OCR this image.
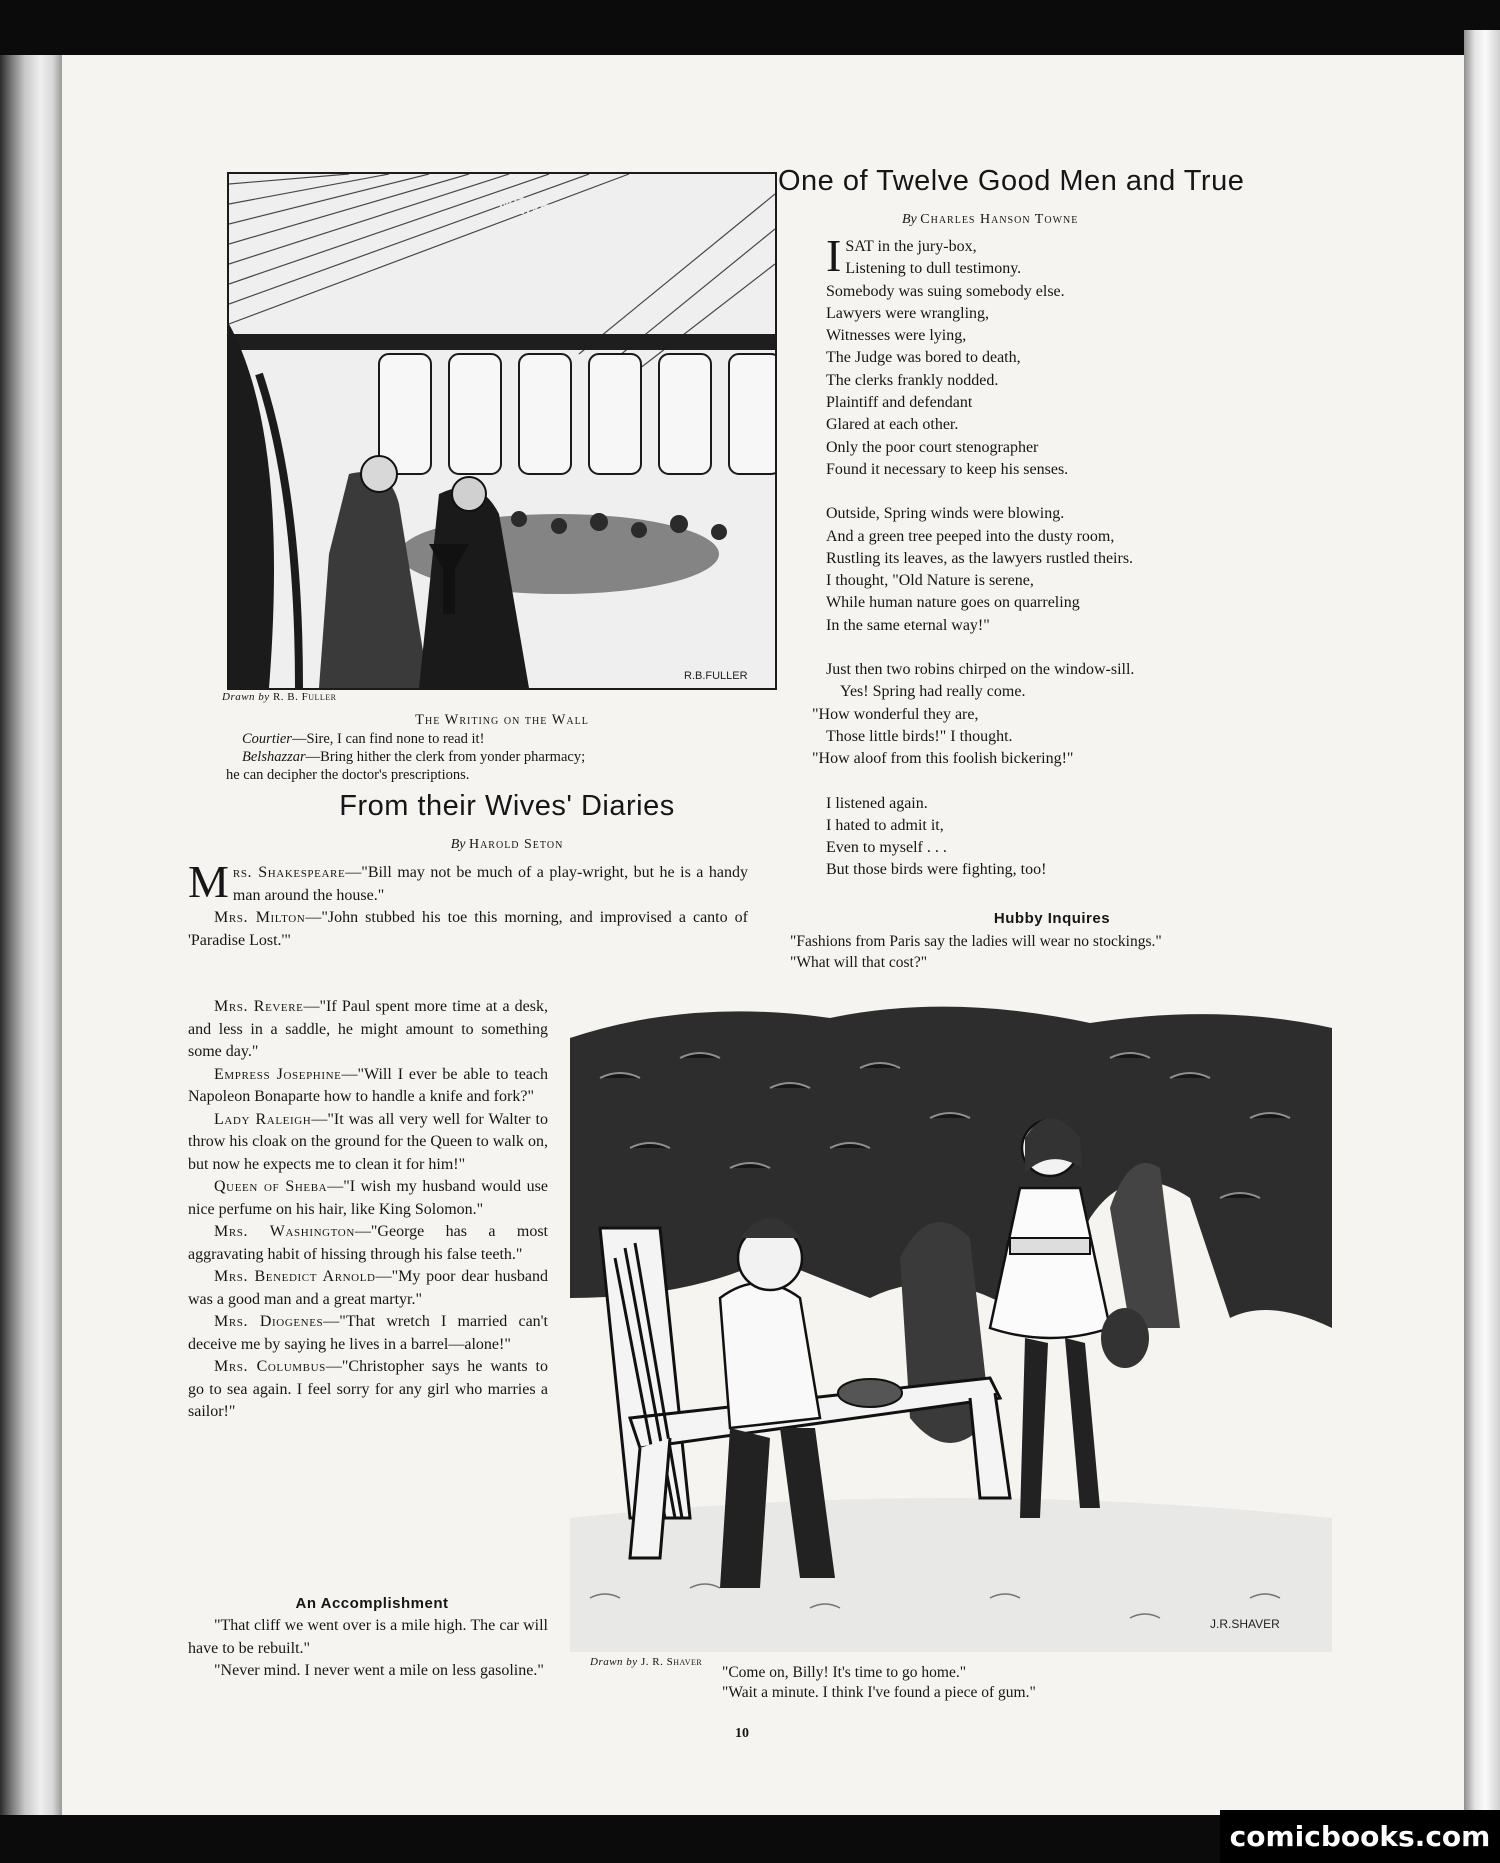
MENE
MENE
TEKEL
R.B.FULLER
Drawn by R. B. Fuller
The Writing on the Wall
Courtier—Sire, I can find none to read it!
Belshazzar—Bring hither the clerk from yonder pharmacy;
he can decipher the doctor's prescriptions.
One of Twelve Good Men and True
By Charles Hanson Towne
ISAT in the jury-box,
Listening to dull testimony.
Somebody was suing somebody else.
Lawyers were wrangling,
Witnesses were lying,
The Judge was bored to death,
The clerks frankly nodded.
Plaintiff and defendant
Glared at each other.
Only the poor court stenographer
Found it necessary to keep his senses.
Outside, Spring winds were blowing.
And a green tree peeped into the dusty room,
Rustling its leaves, as the lawyers rustled theirs.
I thought, "Old Nature is serene,
While human nature goes on quarreling
In the same eternal way!"
Just then two robins chirped on the window-sill.
Yes! Spring had really come.
"How wonderful they are,
Those little birds!" I thought.
"How aloof from this foolish bickering!"
I listened again.
I hated to admit it,
Even to myself . . .
But those birds were fighting, too!
Hubby Inquires
"Fashions from Paris say the ladies will wear no stockings."
"What will that cost?"
From their Wives' Diaries
By Harold Seton

Mrs. Shakespeare—"Bill may not be much of a play-wright, but he is a handy man around the house."

Mrs. Milton—"John stubbed his toe this morning, and improvised a canto of 'Paradise Lost.'"

Mrs. Revere—"If Paul spent more time at a desk, and less in a saddle, he might amount to something some day."

Empress Josephine—"Will I ever be able to teach Napoleon Bonaparte how to handle a knife and fork?"

Lady Raleigh—"It was all very well for Walter to throw his cloak on the ground for the Queen to walk on, but now he expects me to clean it for him!"

Queen of Sheba—"I wish my husband would use nice perfume on his hair, like King Solomon."

Mrs. Washington—"George has a most aggravating habit of hissing through his false teeth."

Mrs. Benedict Arnold—"My poor dear husband was a good man and a great martyr."

Mrs. Diogenes—"That wretch I married can't deceive me by saying he lives in a barrel—alone!"

Mrs. Columbus—"Christopher says he wants to go to sea again. I feel sorry for any girl who marries a sailor!"

An Accomplishment

"That cliff we went over is a mile high. The car will have to be rebuilt."

"Never mind. I never went a mile on less gasoline."

J.R.SHAVER
Drawn by J. R. Shaver
"Come on, Billy! It's time to go home."
"Wait a minute. I think I've found a piece of gum."
10
comicbooks.com
